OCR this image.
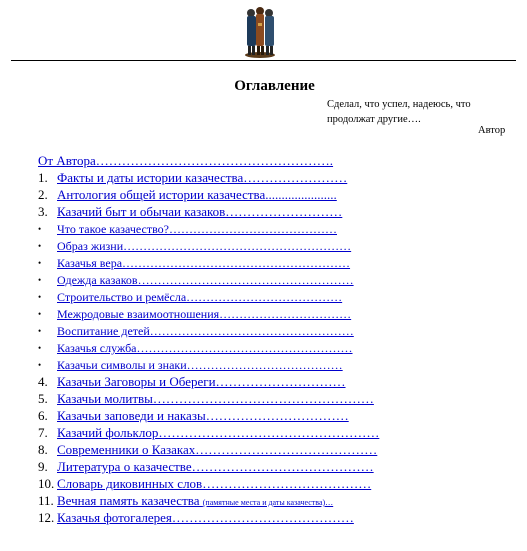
Оглавление
Сделал, что успел, надеюсь, что
продолжат другие….
Автор
От Автора……………………………………………….
1. Факты и даты истории казачества……………………
2. Антология общей истории казачества......................
3. Казачий быт и обычаи казаков………………………
• Что такое казачество?……………………………………
• Образ жизни…………………………………………………
• Казачья вера…………………………………………………
• Одежда казаков………………………………………………
• Строительство и ремёсла…………………………………
• Межродовые взаимоотношения……………………………
• Воспитание детей……………………………………………
• Казачья служба………………………………………………
• Казачьи символы и знаки…………………………………
4. Казачьи Заговоры и Обереги…………………………
5. Казачьи молитвы……………………………………………
6. Казачьи заповеди и наказы……………………………
7. Казачий фольклор……………………………………………
8. Современники о Казаках……………………………………
9. Литература о казачестве……………………………………
10. Словарь диковинных слов…………………………………
11. Вечная память казачества (памятные места и даты казачества)…
12. Казачья фотогалерея……………………………………
